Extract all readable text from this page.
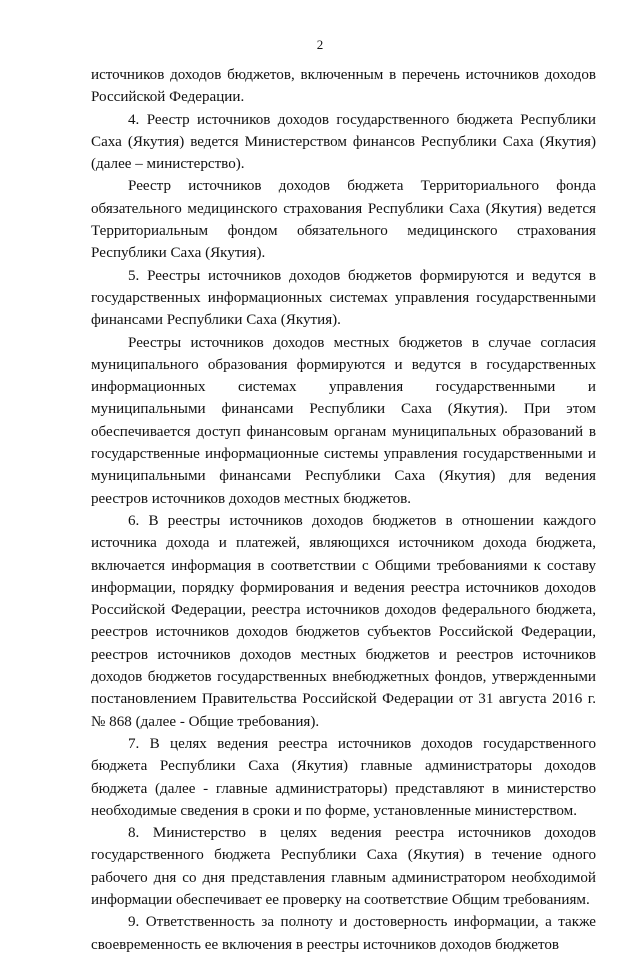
2

источников доходов бюджетов, включенным в перечень источников доходов Российской Федерации.

4. Реестр источников доходов государственного бюджета Республики Саха (Якутия) ведется Министерством финансов Республики Саха (Якутия) (далее – министерство).

Реестр источников доходов бюджета Территориального фонда обязательного медицинского страхования Республики Саха (Якутия) ведется Территориальным фондом обязательного медицинского страхования Республики Саха (Якутия).

5. Реестры источников доходов бюджетов формируются и ведутся в государственных информационных системах управления государственными финансами Республики Саха (Якутия).

Реестры источников доходов местных бюджетов в случае согласия муниципального образования формируются и ведутся в государственных информационных системах управления государственными и муниципальными финансами Республики Саха (Якутия). При этом обеспечивается доступ финансовым органам муниципальных образований в государственные информационные системы управления государственными и муниципальными финансами Республики Саха (Якутия) для ведения реестров источников доходов местных бюджетов.

6. В реестры источников доходов бюджетов в отношении каждого источника дохода и платежей, являющихся источником дохода бюджета, включается информация в соответствии с Общими требованиями к составу информации, порядку формирования и ведения реестра источников доходов Российской Федерации, реестра источников доходов федерального бюджета, реестров источников доходов бюджетов субъектов Российской Федерации, реестров источников доходов местных бюджетов и реестров источников доходов бюджетов государственных внебюджетных фондов, утвержденными постановлением Правительства Российской Федерации от 31 августа 2016 г. № 868 (далее - Общие требования).

7. В целях ведения реестра источников доходов государственного бюджета Республики Саха (Якутия) главные администраторы доходов бюджета (далее - главные администраторы) представляют в министерство необходимые сведения в сроки и по форме, установленные министерством.

8. Министерство в целях ведения реестра источников доходов государственного бюджета Республики Саха (Якутия) в течение одного рабочего дня со дня представления главным администратором необходимой информации обеспечивает ее проверку на соответствие Общим требованиям.

9. Ответственность за полноту и достоверность информации, а также своевременность ее включения в реестры источников доходов бюджетов
